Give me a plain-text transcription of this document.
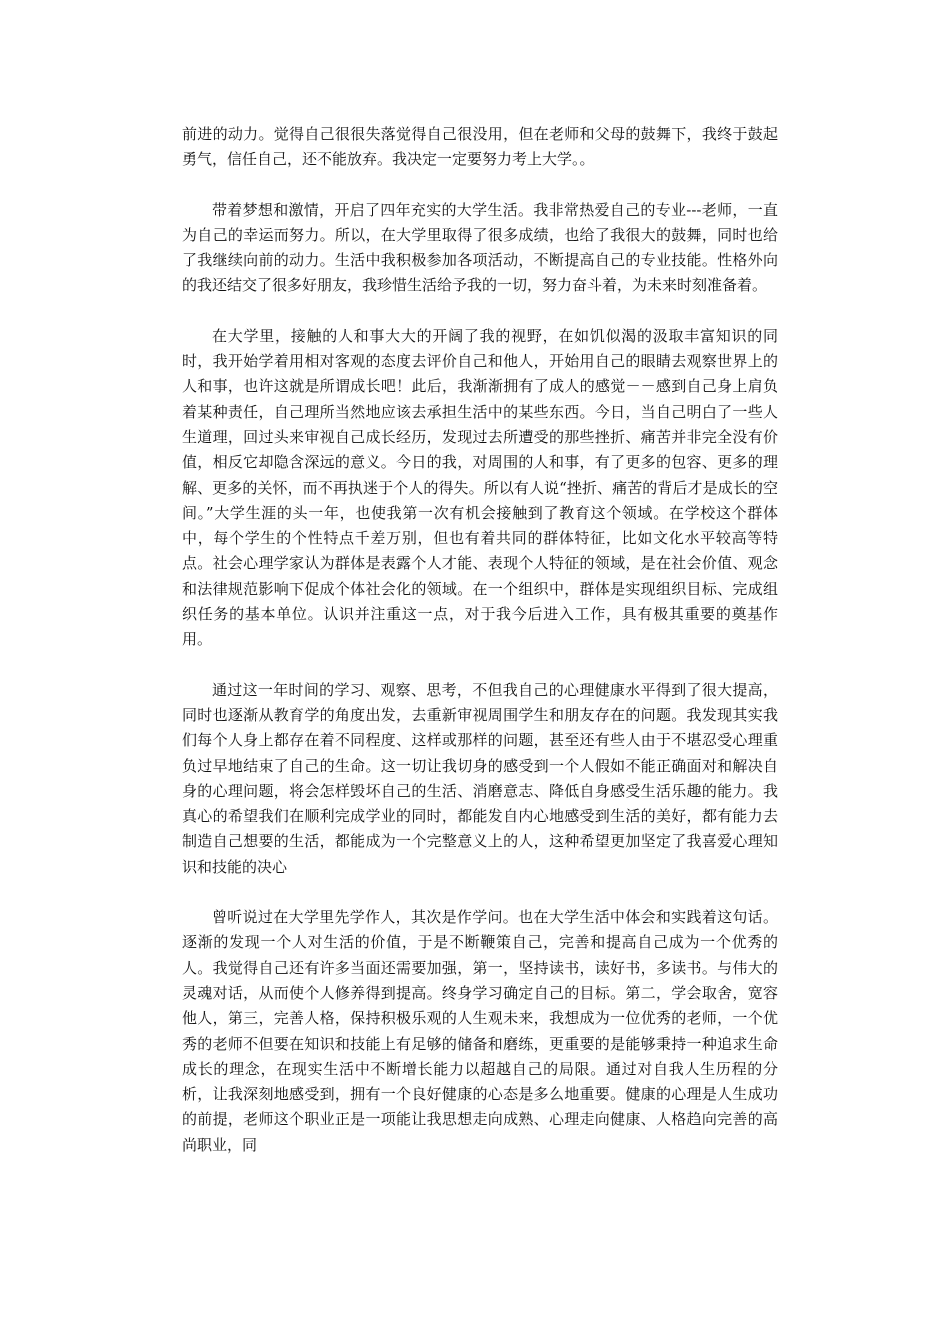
前进的动力。觉得自己很很失落觉得自己很没用，但在老师和父母的鼓舞下，我终于鼓起勇气，信任自己，还不能放弃。我决定一定要努力考上大学。。

带着梦想和激情，开启了四年充实的大学生活。我非常热爱自己的专业---老师，一直为自己的幸运而努力。所以，在大学里取得了很多成绩，也给了我很大的鼓舞，同时也给了我继续向前的动力。生活中我积极参加各项活动，不断提高自己的专业技能。性格外向的我还结交了很多好朋友，我珍惜生活给予我的一切，努力奋斗着，为未来时刻准备着。

在大学里，接触的人和事大大的开阔了我的视野，在如饥似渴的汲取丰富知识的同时，我开始学着用相对客观的态度去评价自己和他人，开始用自己的眼睛去观察世界上的人和事，也许这就是所谓成长吧！此后，我渐渐拥有了成人的感觉－－感到自己身上肩负着某种责任，自己理所当然地应该去承担生活中的某些东西。今日，当自己明白了一些人生道理，回过头来审视自己成长经历，发现过去所遭受的那些挫折、痛苦并非完全没有价值，相反它却隐含深远的意义。今日的我，对周围的人和事，有了更多的包容、更多的理解、更多的关怀，而不再执迷于个人的得失。所以有人说“挫折、痛苦的背后才是成长的空间。”大学生涯的头一年，也使我第一次有机会接触到了教育这个领域。在学校这个群体中，每个学生的个性特点千差万别，但也有着共同的群体特征，比如文化水平较高等特点。社会心理学家认为群体是表露个人才能、表现个人特征的领域，是在社会价值、观念和法律规范影响下促成个体社会化的领域。在一个组织中，群体是实现组织目标、完成组织任务的基本单位。认识并注重这一点，对于我今后进入工作，具有极其重要的奠基作用。

通过这一年时间的学习、观察、思考，不但我自己的心理健康水平得到了很大提高，同时也逐渐从教育学的角度出发，去重新审视周围学生和朋友存在的问题。我发现其实我们每个人身上都存在着不同程度、这样或那样的问题，甚至还有些人由于不堪忍受心理重负过早地结束了自己的生命。这一切让我切身的感受到一个人假如不能正确面对和解决自身的心理问题，将会怎样毁坏自己的生活、消磨意志、降低自身感受生活乐趣的能力。我真心的希望我们在顺利完成学业的同时，都能发自内心地感受到生活的美好，都有能力去制造自己想要的生活，都能成为一个完整意义上的人，这种希望更加坚定了我喜爱心理知识和技能的决心

曾听说过在大学里先学作人，其次是作学问。也在大学生活中体会和实践着这句话。逐渐的发现一个人对生活的价值，于是不断鞭策自己，完善和提高自己成为一个优秀的人。我觉得自己还有许多当面还需要加强，第一，坚持读书，读好书，多读书。与伟大的灵魂对话，从而使个人修养得到提高。终身学习确定自己的目标。第二，学会取舍，宽容他人，第三，完善人格，保持积极乐观的人生观未来，我想成为一位优秀的老师，一个优秀的老师不但要在知识和技能上有足够的储备和磨练，更重要的是能够秉持一种追求生命成长的理念，在现实生活中不断增长能力以超越自己的局限。通过对自我人生历程的分析，让我深刻地感受到，拥有一个良好健康的心态是多么地重要。健康的心理是人生成功的前提，老师这个职业正是一项能让我思想走向成熟、心理走向健康、人格趋向完善的高尚职业，同
